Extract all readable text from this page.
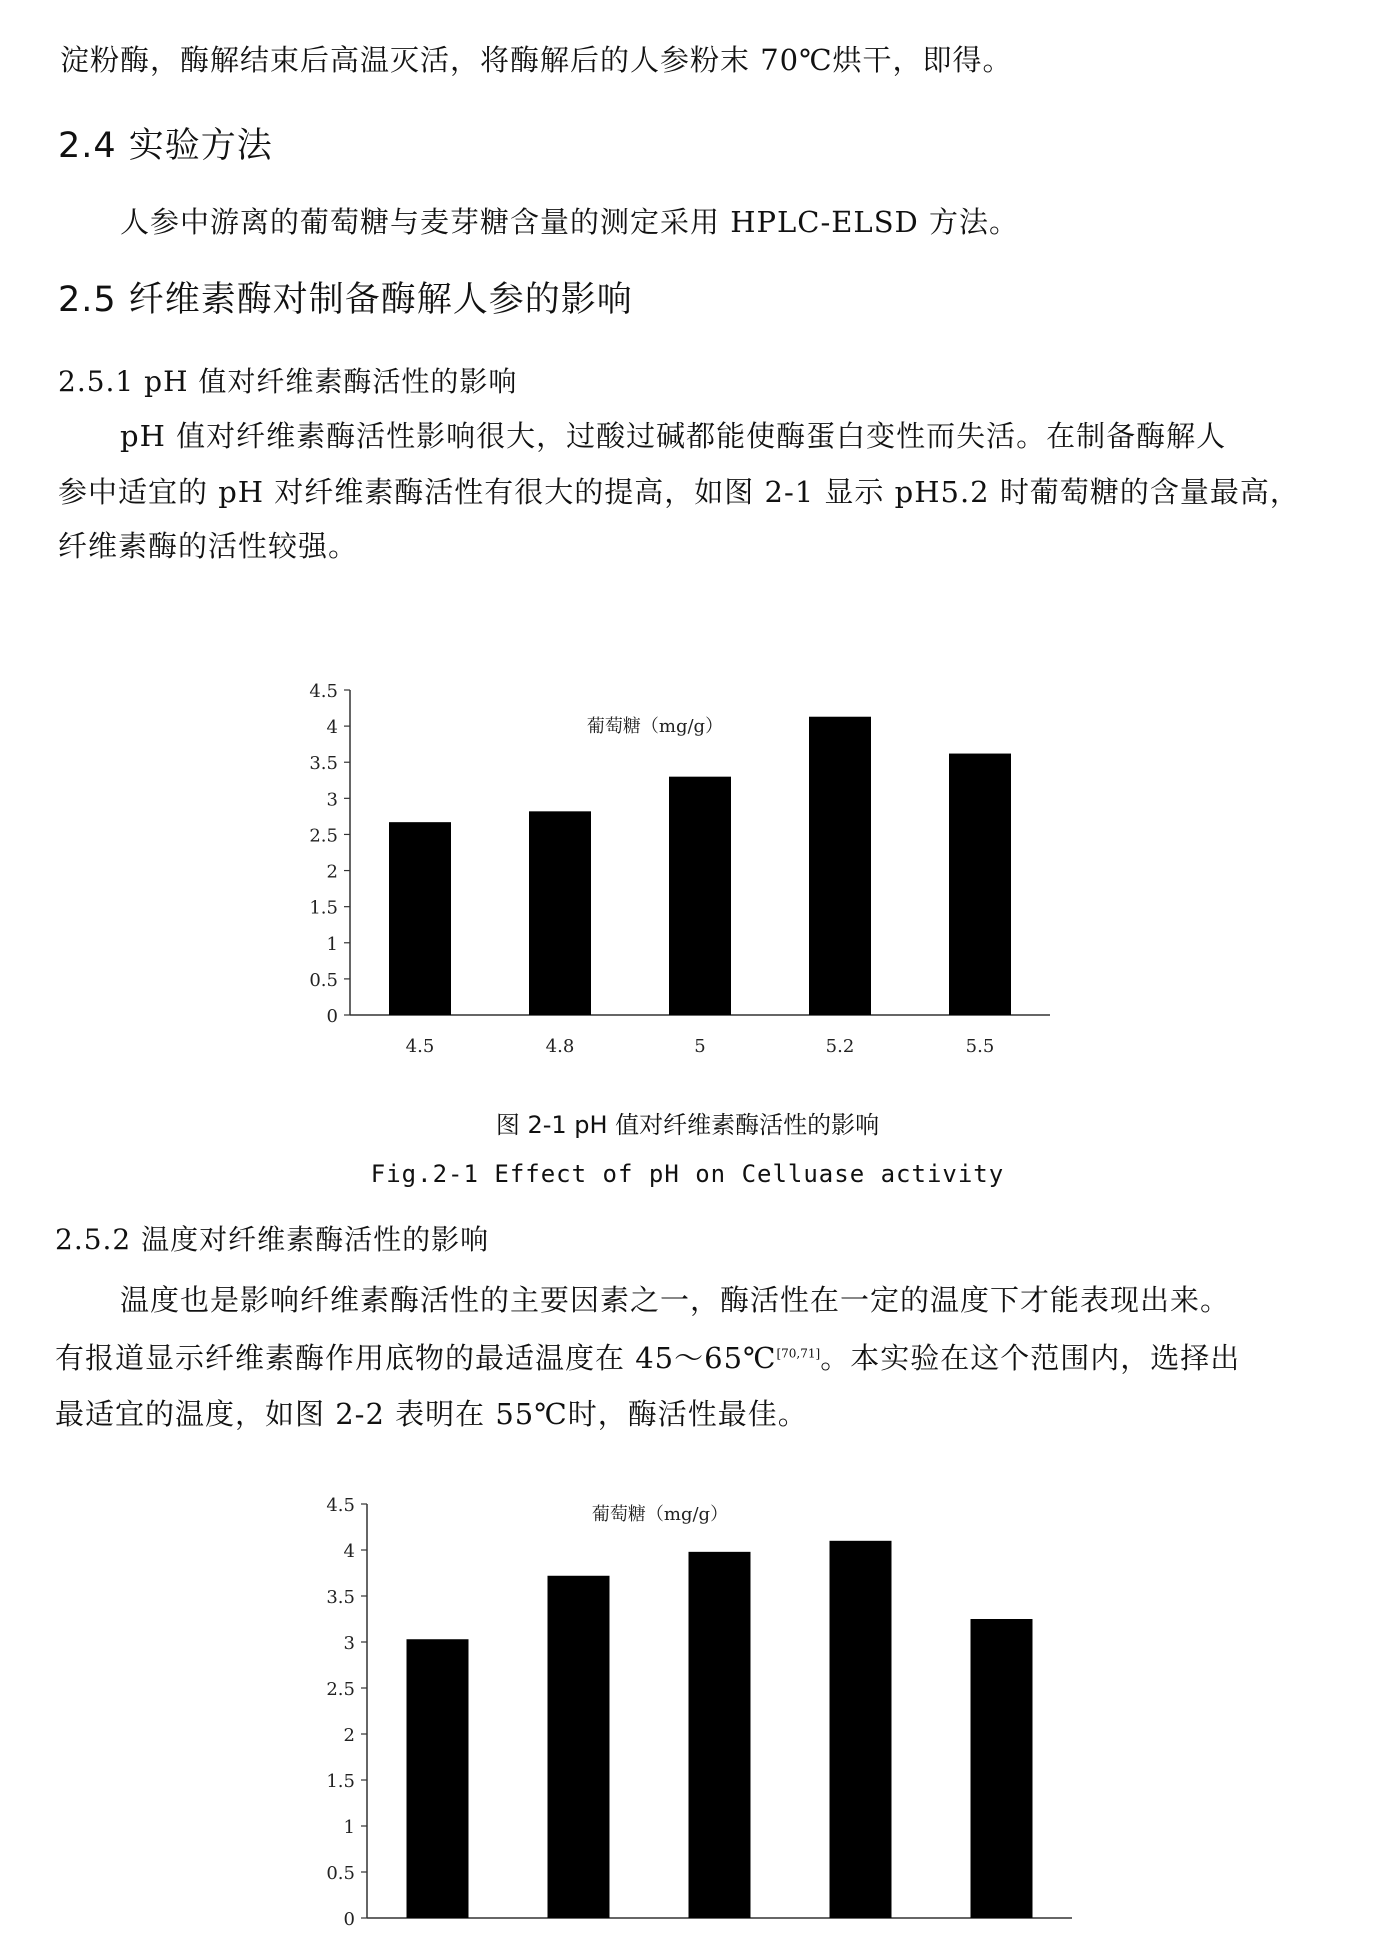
淀粉酶，酶解结束后高温灭活，将酶解后的人参粉末 70℃烘干，即得。
2.4 实验方法
人参中游离的葡萄糖与麦芽糖含量的测定采用 HPLC-ELSD 方法。
2.5 纤维素酶对制备酶解人参的影响
2.5.1 pH 值对纤维素酶活性的影响
pH 值对纤维素酶活性影响很大，过酸过碱都能使酶蛋白变性而失活。在制备酶解人
参中适宜的 pH 对纤维素酶活性有很大的提高，如图 2-1 显示 pH5.2 时葡萄糖的含量最高，
纤维素酶的活性较强。
0
0.5
1
1.5
2
2.5
3
3.5
4
4.5
4.5	4.8	5	5.2	5.5
葡萄糖（mg/g）
图 2-1 pH 值对纤维素酶活性的影响
Fig.2-1 Effect of pH on Celluase activity
2.5.2 温度对纤维素酶活性的影响
温度也是影响纤维素酶活性的主要因素之一，酶活性在一定的温度下才能表现出来。
有报道显示纤维素酶作用底物的最适温度在 45～65℃[70,71]。本实验在这个范围内，选择出
最适宜的温度，如图 2-2 表明在 55℃时，酶活性最佳。
0
0.5
1
1.5
2
2.5
3
3.5
4
4.5	葡萄糖（mg/g）
